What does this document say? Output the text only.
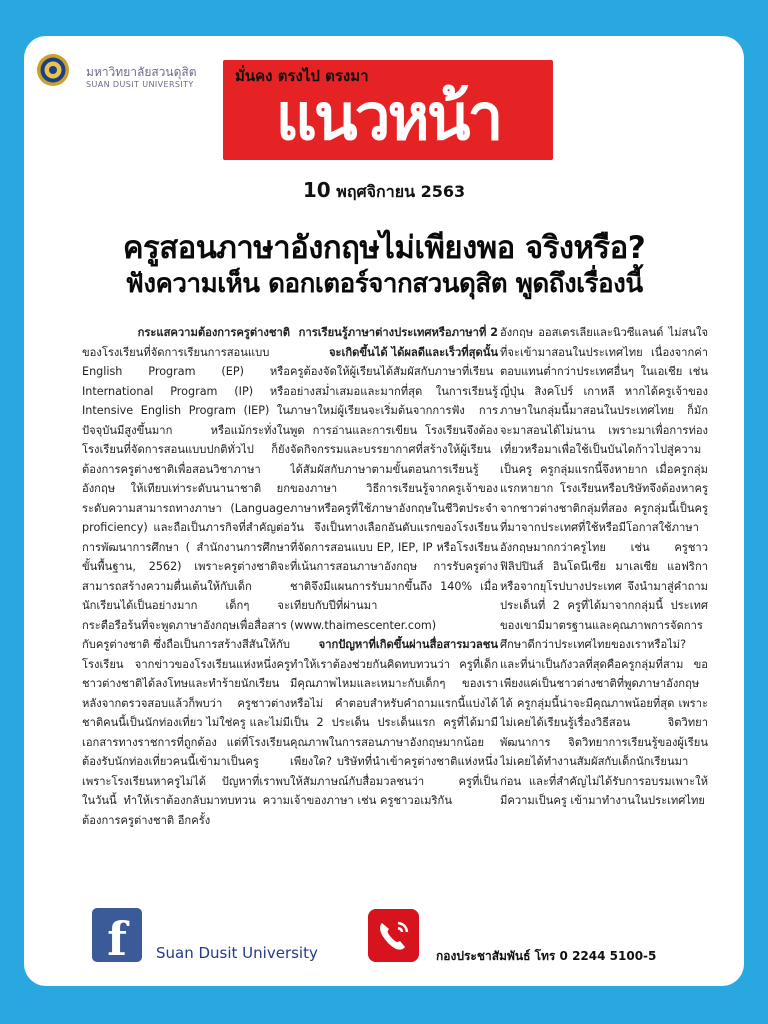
มหาวิทยาลัยสวนดุสิต
SUAN DUSIT UNIVERSITY	มั่นคง ตรงไป ตรงมา
แนวหน้า
10 พฤศจิกายน 2563
ครูสอนภาษาอังกฤษไม่เพียงพอ จริงหรือ?
ฟังความเห็น ดอกเตอร์จากสวนดุสิต พูดถึงเรื่องนี้
กระแสความต้องการครูต่างชาติ

ของโรงเรียนที่จัดการเรียนการสอนแบบ English Program (EP) หรือ International Program (IP) หรือ Intensive English Program (IEP) ในปัจจุบันมีสูงขึ้นมาก หรือแม้กระทั่งในโรงเรียนที่จัดการสอนแบบปกติทั่วไป ก็ยังต้องการครูต่างชาติเพื่อสอนวิชาภาษาอังกฤษ ให้เทียบเท่าระดับนานาชาติ ยกระดับความสามารถทางภาษา (Language proficiency) และถือเป็นภารกิจที่สำคัญต่อการพัฒนาการศึกษา ( สำนักงานการศึกษาขั้นพื้นฐาน, 2562) เพราะครูต่างชาติจะสามารถสร้างความตื่นเต้นให้กับเด็กนักเรียนได้เป็นอย่างมาก เด็กๆ จะกระตือรือร้นที่จะพูดภาษาอังกฤษเพื่อสื่อสารกับครูต่างชาติ ซึ่งถือเป็นการสร้างสีสันให้กับโรงเรียน จากข่าวของโรงเรียนแห่งหนึ่งครูชาวต่างชาติได้ลงโทษและทำร้ายนักเรียน หลังจากตรวจสอบแล้วก็พบว่า ครูชาวต่างชาติคนนี้เป็นนักท่องเที่ยว ไม่ใช่ครู และไม่มีเอกสารทางราชการที่ถูกต้อง แต่ที่โรงเรียนต้องรับนักท่องเที่ยวคนนี้เข้ามาเป็นครู เพราะโรงเรียนหาครูไม่ได้ ปัญหาที่เราพบในวันนี้ ทำให้เราต้องกลับมาทบทวน ความต้องการครูต่างชาติ อีกครั้ง

การเรียนรู้ภาษาต่างประเทศหรือภาษาที่ 2 จะเกิดขึ้นได้ ได้ผลดีและเร็วที่สุดนั้น

ครูต้องจัดให้ผู้เรียนได้สัมผัสกับภาษาที่เรียนอย่างสม่ำเสมอและมากที่สุด ในการเรียนรู้ภาษาใหม่ผู้เรียนจะเริ่มต้นจากการฟัง การพูด การอ่านและการเขียน โรงเรียนจึงต้องจัดกิจกรรมและบรรยากาศที่สร้างให้ผู้เรียนได้สัมผัสกับภาษาตามขั้นตอนการเรียนรู้ของภาษา วิธีการเรียนรู้จากครูเจ้าของภาษาหรือครูที่ใช้ภาษาอังกฤษในชีวิตประจำวัน จึงเป็นทางเลือกอันดับแรกของโรงเรียนที่จัดการสอนแบบ EP, IEP, IP หรือโรงเรียนที่เน้นการสอนภาษาอังกฤษ การรับครูต่างชาติจึงมีแผนการรับมากขึ้นถึง 140% เมื่อเทียบกับปีที่ผ่านมา (www.thaimescenter.com)

จากปัญหาที่เกิดขึ้นผ่านสื่อสารมวลชน

ทำให้เราต้องช่วยกันคิดทบทวนว่า ครูที่เด็กมีคุณภาพไหมและเหมาะกับเด็กๆ ของเราหรือไม่ คำตอบสำหรับคำถามแรกนี้แบ่งได้เป็น 2 ประเด็น ประเด็นแรก ครูที่ได้มามีคุณภาพในการสอนภาษาอังกฤษมากน้อยเพียงใด? บริษัทที่นำเข้าครูต่างชาติแห่งหนึ่งให้สัมภาษณ์กับสื่อมวลชนว่า ครูที่เป็นเจ้าของภาษา เช่น ครูชาวอเมริกัน

อังกฤษ ออสเตรเลียและนิวซีแลนด์ ไม่สนใจที่จะเข้ามาสอนในประเทศไทย เนื่องจากค่าตอบแทนต่ำกว่าประเทศอื่นๆ ในเอเชีย เช่น ญี่ปุ่น สิงคโปร์ เกาหลี หากได้ครูเจ้าของภาษาในกลุ่มนี้มาสอนในประเทศไทย ก็มักจะมาสอนได้ไม่นาน เพราะมาเพื่อการท่องเที่ยวหรือมาเพื่อใช้เป็นบันไดก้าวไปสู่ความเป็นครู ครูกลุ่มแรกนี้จึงหายาก เมื่อครูกลุ่มแรกหายาก โรงเรียนหรือบริษัทจึงต้องหาครูจากชาวต่างชาติกลุ่มที่สอง ครูกลุ่มนี้เป็นครูที่มาจากประเทศที่ใช้หรือมีโอกาสใช้ภาษาอังกฤษมากกว่าครูไทย เช่น ครูชาวฟิลิปปินส์ อินโดนีเซีย มาเลเซีย แอฟริกา หรือจากยุโรปบางประเทศ จึงนำมาสู่คำถาม ประเด็นที่ 2 ครูที่ได้มาจากกลุ่มนี้ ประเทศของเขามีมาตรฐานและคุณภาพการจัดการศึกษาดีกว่าประเทศไทยของเราหรือไม่? และที่น่าเป็นกังวลที่สุดคือครูกลุ่มที่สาม ขอเพียงแค่เป็นชาวต่างชาติที่พูดภาษาอังกฤษได้ ครูกลุ่มนี้น่าจะมีคุณภาพน้อยที่สุด เพราะไม่เคยได้เรียนรู้เรื่องวิธีสอน จิตวิทยาพัฒนาการ จิตวิทยาการเรียนรู้ของผู้เรียน ไม่เคยได้ทำงานสัมผัสกับเด็กนักเรียนมาก่อน และที่สำคัญไม่ได้รับการอบรมเพาะให้มีความเป็นครู เข้ามาทำงานในประเทศไทย

f	Suan Dusit University	กองประชาสัมพันธ์ โทร 0 2244 5100-5
